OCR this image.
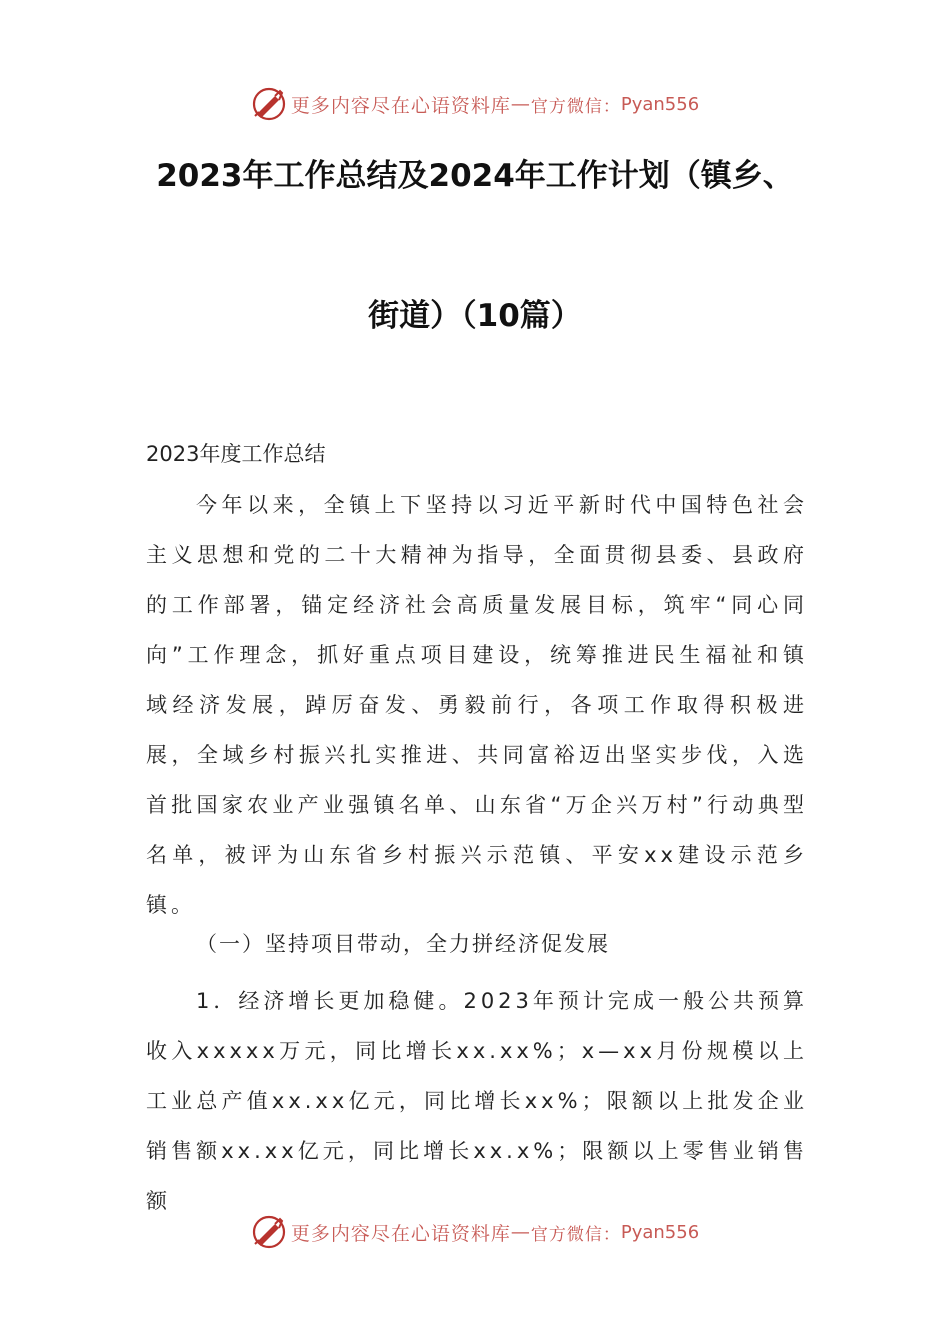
更多内容尽在心语资料库 — 官方微信： Pyan556
2023年工作总结及2024年工作计划（镇乡、
街道）（10篇）
2023年度工作总结
今年以来，全镇上下坚持以习近平新时代中国特色社会主义思想和党的二十大精神为指导，全面贯彻县委、县政府的工作部署，锚定经济社会高质量发展目标，筑牢“同心同向”工作理念，抓好重点项目建设，统筹推进民生福祉和镇域经济发展，踔厉奋发、勇毅前行，各项工作取得积极进展，全域乡村振兴扎实推进、共同富裕迈出坚实步伐，入选首批国家农业产业强镇名单、山东省“万企兴万村”行动典型名单，被评为山东省乡村振兴示范镇、平安xx建设示范乡镇。
（一）坚持项目带动，全力拼经济促发展
1．经济增长更加稳健。2023年预计完成一般公共预算收入xxxxx万元，同比增长xx.xx%；x—xx月份规模以上工业总产值xx.xx亿元，同比增长xx%；限额以上批发企业销售额xx.xx亿元，同比增长xx.x%；限额以上零售业销售额
更多内容尽在心语资料库 — 官方微信： Pyan556
